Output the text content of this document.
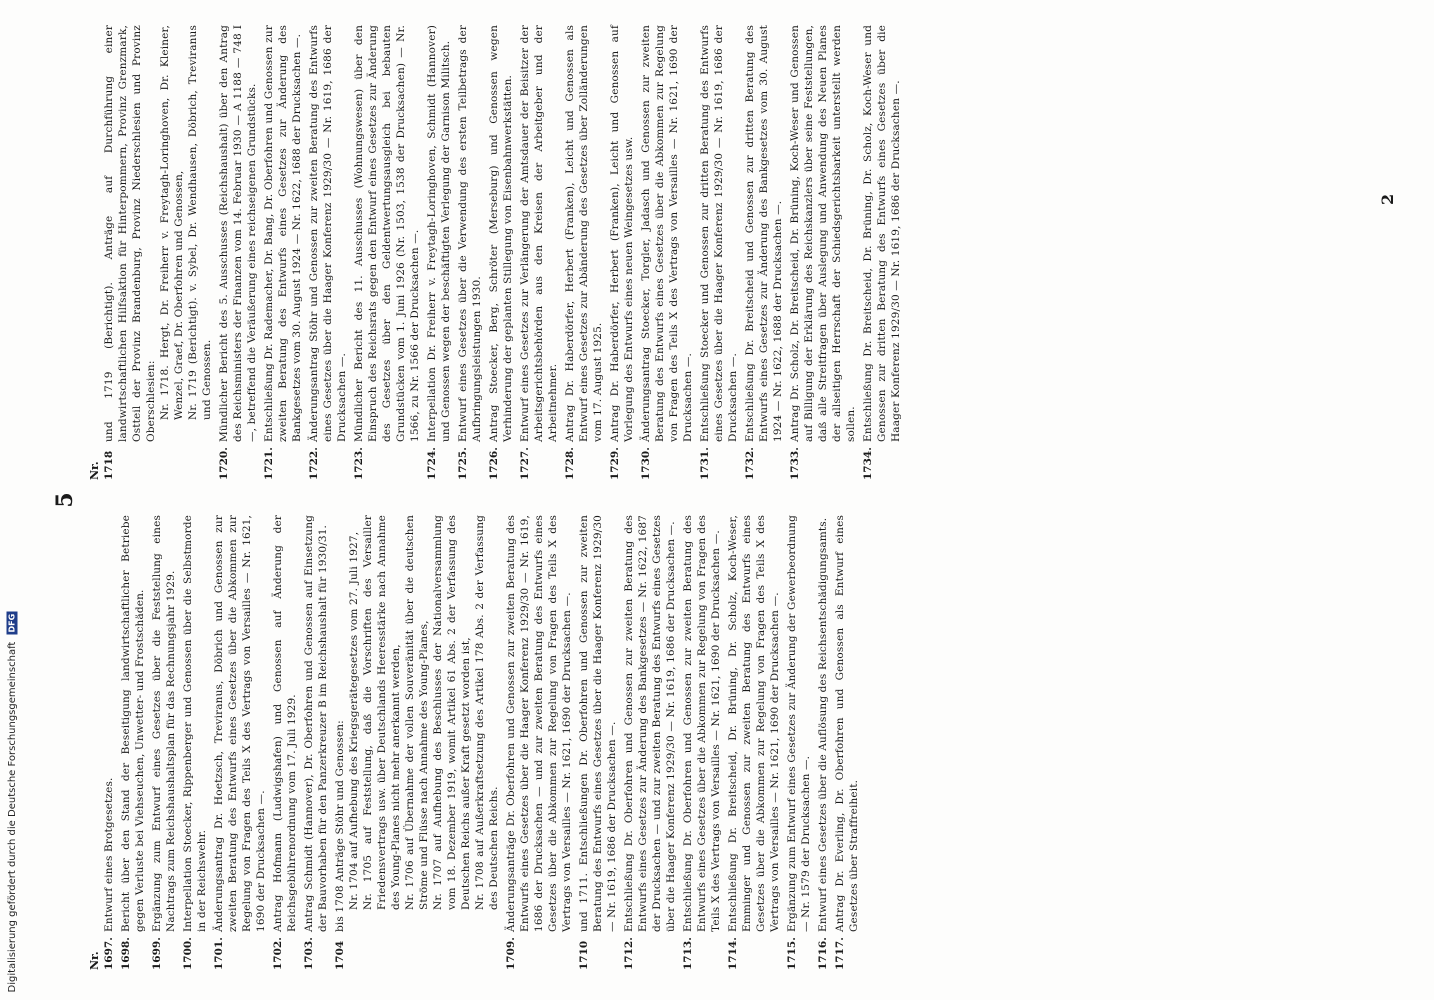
5
Nr. 1697.
Entwurf eines Brotgesetzes.
1698.
Bericht über den Stand der Beseitigung landwirtschaftlicher Betriebe gegen Verluste bei Viehseuchen, Unwetter- und Frostschäden.
1699.
Ergänzung zum Entwurf eines Gesetzes über die Feststellung eines Nachtrags zum Reichshaushaltsplan für das Rechnungsjahr 1929.
1700.
Interpellation Stoecker, Rippenberger und Genossen über die Selbstmorde in der Reichswehr.
1701.
Änderungsantrag Dr. Hoetzsch, Treviranus, Döbrich und Genossen zur zweiten Beratung des Entwurfs eines Gesetzes über die Abkommen zur Regelung von Fragen des Teils X des Vertrags von Versailles — Nr. 1621, 1690 der Drucksachen —.
1702.
Antrag Hofmann (Ludwigshafen) und Genossen auf Änderung der Reichsgebührenordnung vom 17. Juli 1929.
1703.
Antrag Schmidt (Hannover), Dr. Oberfohren und Genossen auf Einsetzung der Bauvorhaben für den Panzerkreuzer B im Reichshaushalt für 1930/31.
1704
bis 1708 Anträge Stöhr und Genossen: Nr. 1704 auf Aufhebung des Kriegsgerätegesetzes vom 27. Juli 1927, Nr. 1705 auf Feststellung, daß die Vorschriften des Versailler Friedensvertrags usw. über Deutschlands Heeresstärke nach Annahme des Young-Planes nicht mehr anerkannt werden, Nr. 1706 auf Übernahme der vollen Souveränität über die deutschen Ströme und Flüsse nach Annahme des Young-Planes, Nr. 1707 auf Aufhebung des Beschlusses der Nationalversammlung vom 18. Dezember 1919, womit Artikel 61 Abs. 2 der Verfassung des Deutschen Reichs außer Kraft gesetzt worden ist, Nr. 1708 auf Außerkraftsetzung des Artikel 178 Abs. 2 der Verfassung des Deutschen Reichs.
1709.
Änderungsanträge Dr. Oberfohren und Genossen zur zweiten Beratung des Entwurfs eines Gesetzes über die Haager Konferenz 1929/30 — Nr. 1619, 1686 der Drucksachen — und zur zweiten Beratung des Entwurfs eines Gesetzes über die Abkommen zur Regelung von Fragen des Teils X des Vertrags von Versailles — Nr. 1621, 1690 der Drucksachen —.
1710
und 1711. Entschließungen Dr. Oberfohren und Genossen zur zweiten Beratung des Entwurfs eines Gesetzes über die Haager Konferenz 1929/30 — Nr. 1619, 1686 der Drucksachen —.
1712.
Entschließung Dr. Oberfohren und Genossen zur zweiten Beratung des Entwurfs eines Gesetzes zur Änderung des Bankgesetzes — Nr. 1622, 1687 der Drucksachen — und zur zweiten Beratung des Entwurfs eines Gesetzes über die Haager Konferenz 1929/30 — Nr. 1619, 1686 der Drucksachen —.
1713.
Entschließung Dr. Oberfohren und Genossen zur zweiten Beratung des Entwurfs eines Gesetzes über die Abkommen zur Regelung von Fragen des Teils X des Vertrags von Versailles — Nr. 1621, 1690 der Drucksachen —.
1714.
Entschließung Dr. Breitscheid, Dr. Brüning, Dr. Scholz, Koch-Weser, Emminger und Genossen zur zweiten Beratung des Entwurfs eines Gesetzes über die Abkommen zur Regelung von Fragen des Teils X des Vertrags von Versailles — Nr. 1621, 1690 der Drucksachen —.
1715.
Ergänzung zum Entwurf eines Gesetzes zur Änderung der Gewerbeordnung — Nr. 1579 der Drucksachen —.
1716.
Entwurf eines Gesetzes über die Auflösung des Reichsentschädigungsamts.
1717.
Antrag Dr. Everling, Dr. Oberfohren und Genossen als Entwurf eines Gesetzes über Straffreiheit.
Nr. 1718
und 1719 (Berichtigt). Anträge auf Durchführung einer landwirtschaftlichen Hilfsaktion für Hinterpommern, Provinz Grenzmark, Ostteil der Provinz Brandenburg, Provinz Niederschlesien und Provinz Oberschlesien: Nr. 1718. Hergt, Dr. Freiherr v. Freytagh-Loringhoven, Dr. Kleiner, Wenzel, Graef, Dr. Oberfohren und Genossen, Nr. 1719 (Berichtigt). v. Sybel, Dr. Wendhausen, Döbrich, Treviranus und Genossen.
1720.
Mündlicher Bericht des 5. Ausschusses (Reichshaushalt) über den Antrag des Reichsministers der Finanzen vom 14. Februar 1930 — A 1188 — 748 I —, betreffend die Veräußerung eines reichseigenen Grundstücks.
1721.
Entschließung Dr. Rademacher, Dr. Bang, Dr. Oberfohren und Genossen zur zweiten Beratung des Entwurfs eines Gesetzes zur Änderung des Bankgesetzes vom 30. August 1924 — Nr. 1622, 1688 der Drucksachen —.
1722.
Änderungsantrag Stöhr und Genossen zur zweiten Beratung des Entwurfs eines Gesetzes über die Haager Konferenz 1929/30 — Nr. 1619, 1686 der Drucksachen —.
1723.
Mündlicher Bericht des 11. Ausschusses (Wohnungswesen) über den Einspruch des Reichsrats gegen den Entwurf eines Gesetzes zur Änderung des Gesetzes über den Geldentwertungsausgleich bei bebauten Grundstücken vom 1. Juni 1926 (Nr. 1503, 1538 der Drucksachen) — Nr. 1566, zu Nr. 1566 der Drucksachen —.
1724.
Interpellation Dr. Freiherr v. Freytagh-Loringhoven, Schmidt (Hannover) und Genossen wegen der beschäftigten Verlegung der Garnison Militsch.
1725.
Entwurf eines Gesetzes über die Verwendung des ersten Teilbetrags der Aufbringungsleistungen 1930.
1726.
Antrag Stoecker, Berg, Schröter (Merseburg) und Genossen wegen Verhinderung der geplanten Stillegung von Eisenbahnwerkstätten.
1727.
Entwurf eines Gesetzes zur Verlängerung der Amtsdauer der Beisitzer der Arbeitsgerichtsbehörden aus den Kreisen der Arbeitgeber und der Arbeitnehmer.
1728.
Antrag Dr. Haberdörfer, Herbert (Franken), Leicht und Genossen als Entwurf eines Gesetzes zur Abänderung des Gesetzes über Zolländerungen vom 17. August 1925.
1729.
Antrag Dr. Haberdörfer, Herbert (Franken), Leicht und Genossen auf Vorlegung des Entwurfs eines neuen Weingesetzes usw.
1730.
Änderungsantrag Stoecker, Torgler, Jadasch und Genossen zur zweiten Beratung des Entwurfs eines Gesetzes über die Abkommen zur Regelung von Fragen des Teils X des Vertrags von Versailles — Nr. 1621, 1690 der Drucksachen —.
1731.
Entschließung Stoecker und Genossen zur dritten Beratung des Entwurfs eines Gesetzes über die Haager Konferenz 1929/30 — Nr. 1619, 1686 der Drucksachen —.
1732.
Entschließung Dr. Breitscheid und Genossen zur dritten Beratung des Entwurfs eines Gesetzes zur Änderung des Bankgesetzes vom 30. August 1924 — Nr. 1622, 1688 der Drucksachen —.
1733.
Antrag Dr. Scholz, Dr. Breitscheid, Dr. Brüning, Koch-Weser und Genossen auf Billigung der Erklärung des Reichskanzlers über seine Feststellungen, daß alle Streitfragen über Auslegung und Anwendung des Neuen Planes der allseitigen Herrschaft der Schiedsgerichtsbarkeit unterstellt werden sollen.
1734.
Entschließung Dr. Breitscheid, Dr. Brüning, Dr. Scholz, Koch-Weser und Genossen zur dritten Beratung des Entwurfs eines Gesetzes über die Haager Konferenz 1929/30 — Nr. 1619, 1686 der Drucksachen —.	2
Digitalisierung gefördert durch die Deutsche Forschungsgemeinschaft DFG
